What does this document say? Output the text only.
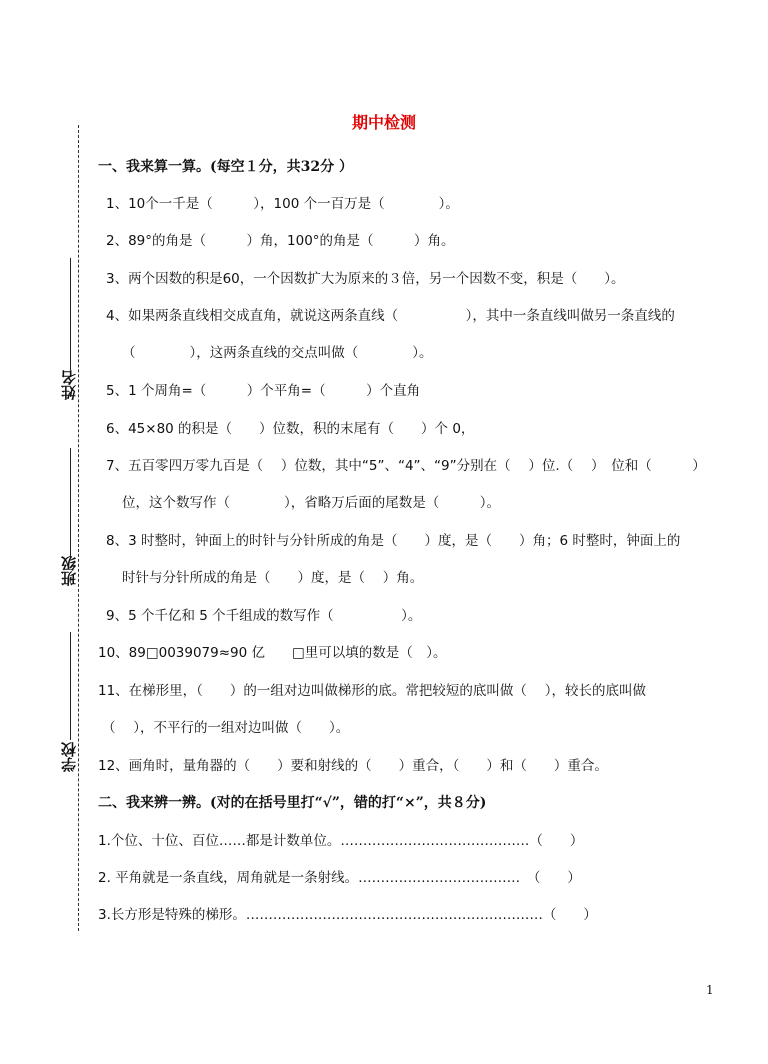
期中检测
姓名
班级
学校
一、我来算一算。(每空１分，共32分 ）
1、10个一千是（　　　），100 个一百万是（　　　　）。
2、89°的角是（　　　）角，100°的角是（　　　）角。
3、两个因数的积是60，一个因数扩大为原来的３倍，另一个因数不变，积是（　　）。
4、如果两条直线相交成直角，就说这两条直线（　　　　　），其中一条直线叫做另一条直线的
（　　　　），这两条直线的交点叫做（　　　　）。
5、1 个周角=（　　　）个平角=（　　　）个直角
6、45×80 的积是（　　）位数，积的末尾有（　　）个 0，
7、五百零四万零九百是（　 ）位数，其中“5”、“4”、“9”分别在（　 ）位.（　 ）　位和（　　　）
位，这个数写作（　　　　），省略万后面的尾数是（　　　）。
8、3 时整时，钟面上的时针与分针所成的角是（　　）度，是（　　）角；6 时整时，钟面上的
时针与分针所成的角是（　　）度，是（　 ）角。
9、5 个千亿和 5 个千组成的数写作（　　　　　）。
10、89□0039079≈90 亿　　□里可以填的数是（　）。
11、在梯形里，（　　）的一组对边叫做梯形的底。常把较短的底叫做（　 ），较长的底叫做
（　 ），不平行的一组对边叫做（　　）。
12、画角时，量角器的（　　）要和射线的（　　）重合，（　　）和（　　）重合。
二、我来辨一辨。(对的在括号里打“√”，错的打“×”，共８分)
1.个位、十位、百位……都是计数单位。……………………………………（　　）
2. 平角就是一条直线，周角就是一条射线。………………………………　（　　）
3.长方形是特殊的梯形。…………………………………………………………（　　）
1
